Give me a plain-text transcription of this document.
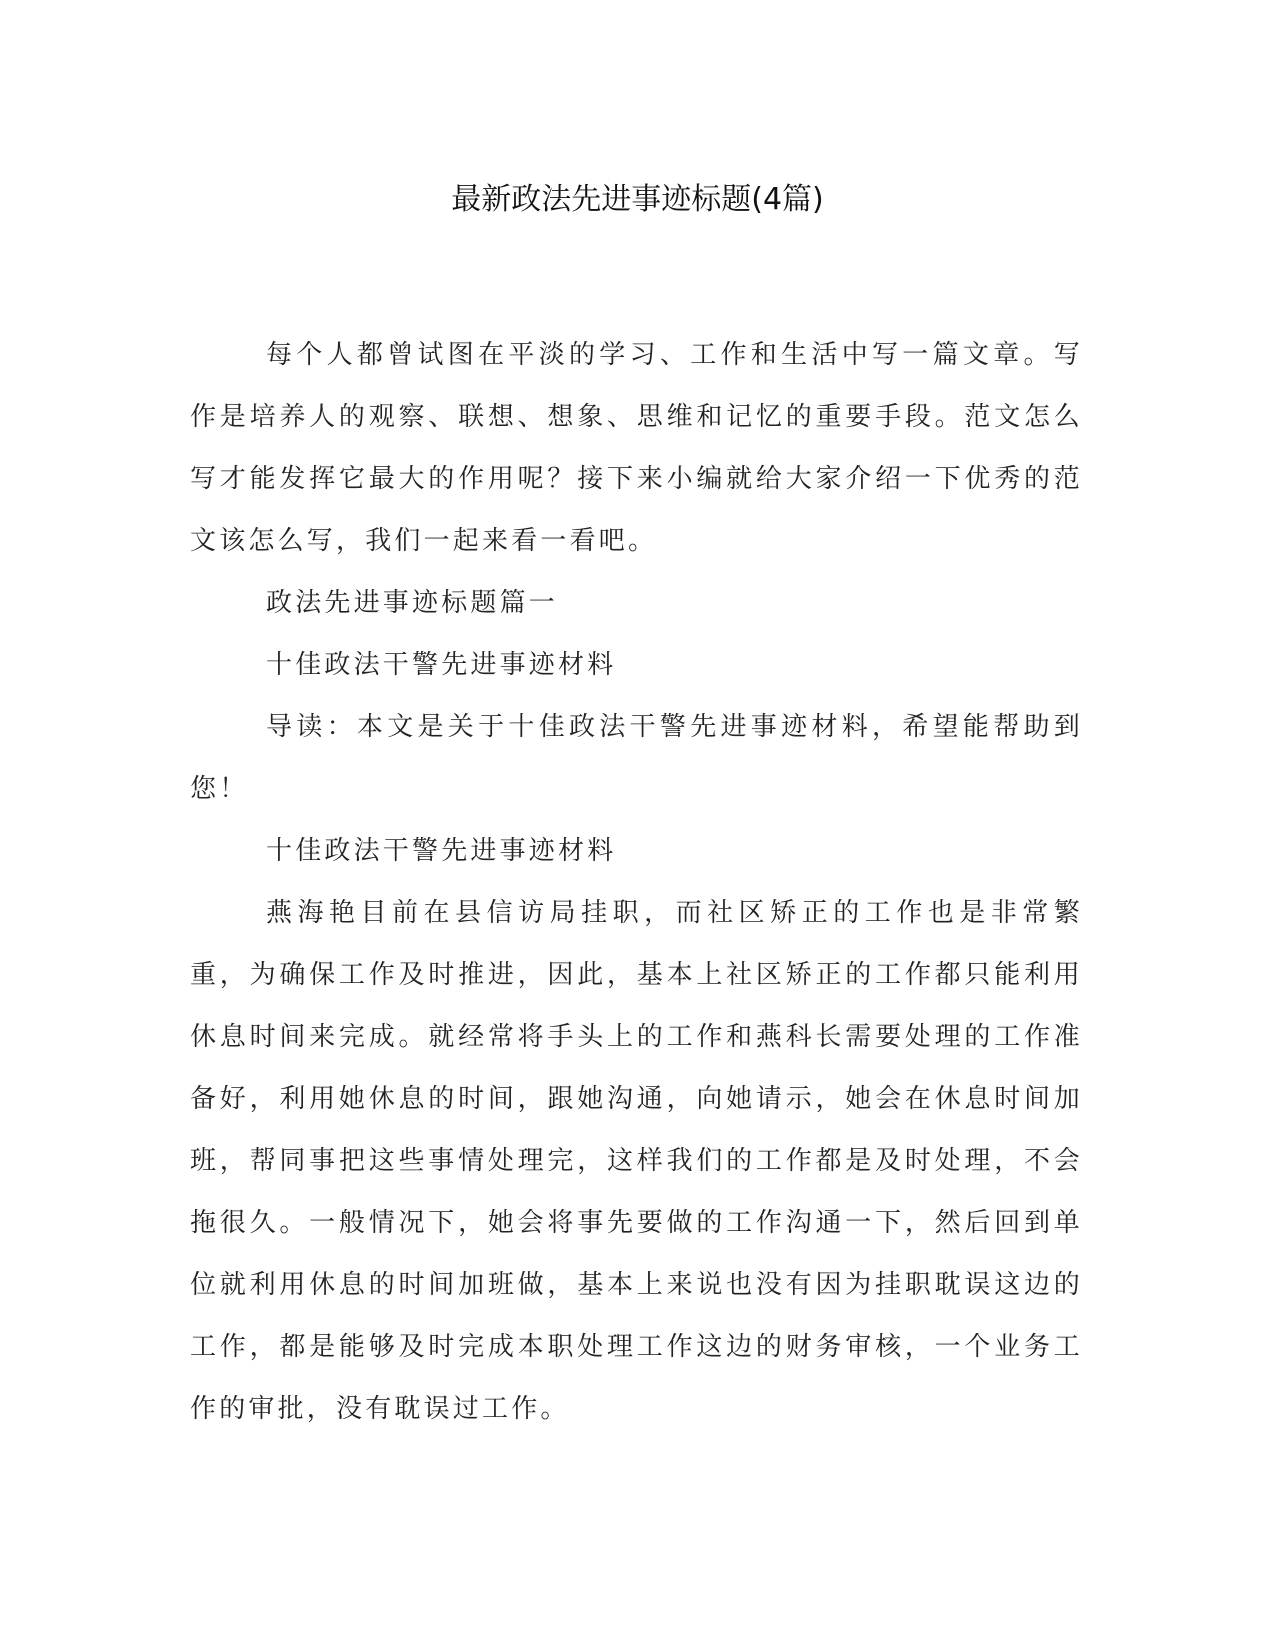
最新政法先进事迹标题(4篇)

每个人都曾试图在平淡的学习、工作和生活中写一篇文章。写作是培养人的观察、联想、想象、思维和记忆的重要手段。范文怎么写才能发挥它最大的作用呢？接下来小编就给大家介绍一下优秀的范文该怎么写，我们一起来看一看吧。

政法先进事迹标题篇一

十佳政法干警先进事迹材料

导读：本文是关于十佳政法干警先进事迹材料，希望能帮助到您！

十佳政法干警先进事迹材料

燕海艳目前在县信访局挂职，而社区矫正的工作也是非常繁重，为确保工作及时推进，因此，基本上社区矫正的工作都只能利用休息时间来完成。就经常将手头上的工作和燕科长需要处理的工作准备好，利用她休息的时间，跟她沟通，向她请示，她会在休息时间加班，帮同事把这些事情处理完，这样我们的工作都是及时处理，不会拖很久。一般情况下，她会将事先要做的工作沟通一下，然后回到单位就利用休息的时间加班做，基本上来说也没有因为挂职耽误这边的工作，都是能够及时完成本职处理工作这边的财务审核，一个业务工作的审批，没有耽误过工作。
